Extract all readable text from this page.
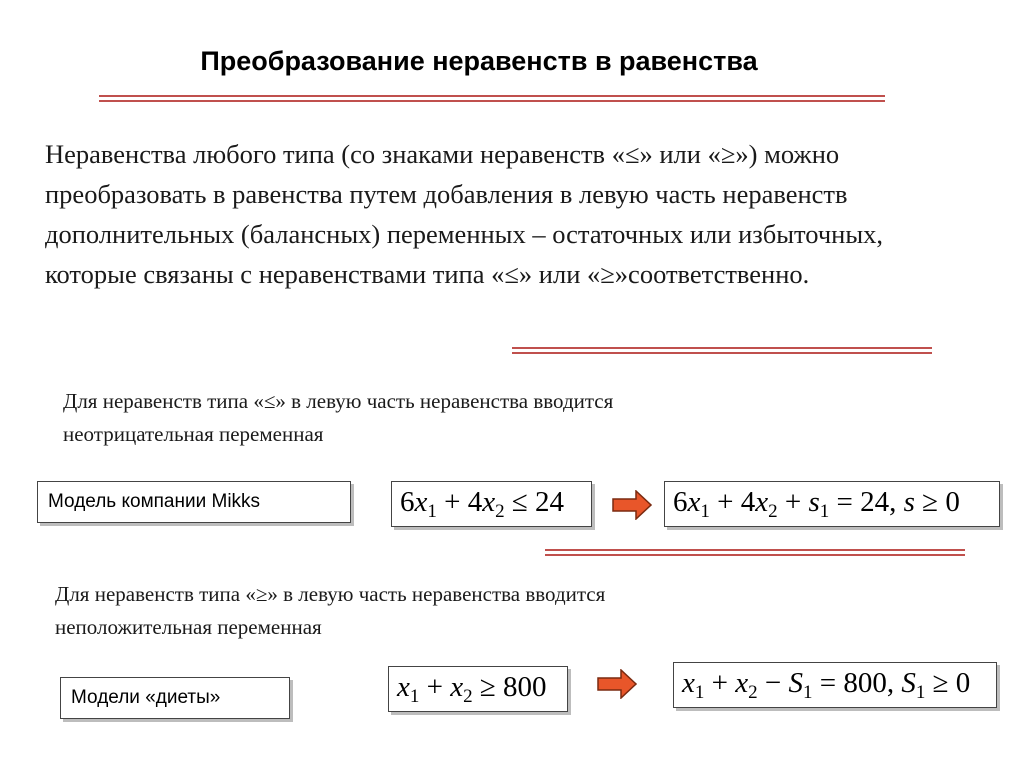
Преобразование неравенств в равенства
Неравенства любого типа (со знаками неравенств «≤» или «≥») можно преобразовать в равенства путем добавления в левую часть неравенств дополнительных (балансных) переменных – остаточных или избыточных, которые связаны с неравенствами типа «≤» или «≥»соответственно.
Для неравенств типа «≤» в левую часть неравенства вводится
неотрицательная переменная
Модель компании Mikks	$6x_1 + 4x_2 \le 24$	$6x_1 + 4x_2 + s_1 = 24$, s ≥ 0
Для неравенств типа «≥» в левую часть неравенства вводится
неположительная переменная
Модели «диеты»	$x_1 + x_2 \ge 800$	$x_1 + x_2 - S_1 = 800$, $S_1 \ge 0$
